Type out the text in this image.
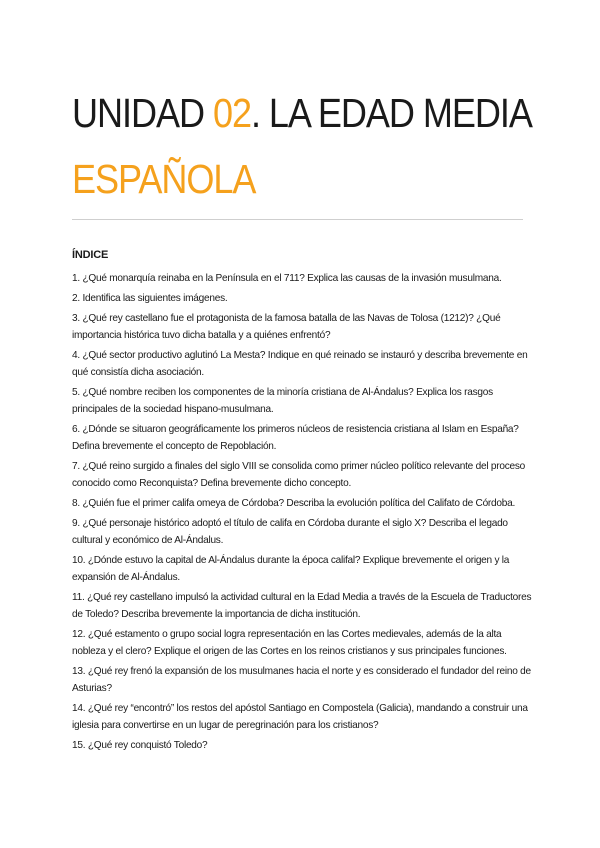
UNIDAD 02. LA EDAD MEDIA
ESPAÑOLA
ÍNDICE
1. ¿Qué monarquía reinaba en la Península en el 711? Explica las causas de la invasión musulmana.
2. Identifica las siguientes imágenes.
3. ¿Qué rey castellano fue el protagonista de la famosa batalla de las Navas de Tolosa (1212)? ¿Qué importancia histórica tuvo dicha batalla y a quiénes enfrentó?
4. ¿Qué sector productivo aglutinó La Mesta? Indique en qué reinado se instauró y describa brevemente en qué consistía dicha asociación.
5. ¿Qué nombre reciben los componentes de la minoría cristiana de Al-Ándalus? Explica los rasgos principales de la sociedad hispano-musulmana.
6. ¿Dónde se situaron geográficamente los primeros núcleos de resistencia cristiana al Islam en España? Defina brevemente el concepto de Repoblación.
7. ¿Qué reino surgido a finales del siglo VIII se consolida como primer núcleo político relevante del proceso conocido como Reconquista? Defina brevemente dicho concepto.
8. ¿Quién fue el primer califa omeya de Córdoba? Describa la evolución política del Califato de Córdoba.
9. ¿Qué personaje histórico adoptó el título de califa en Córdoba durante el siglo X? Describa el legado cultural y económico de Al-Ándalus.
10. ¿Dónde estuvo la capital de Al-Ándalus durante la época califal? Explique brevemente el origen y la expansión de Al-Ándalus.
11. ¿Qué rey castellano impulsó la actividad cultural en la Edad Media a través de la Escuela de Traductores de Toledo? Describa brevemente la importancia de dicha institución.
12. ¿Qué estamento o grupo social logra representación en las Cortes medievales, además de la alta nobleza y el clero? Explique el origen de las Cortes en los reinos cristianos y sus principales funciones.
13. ¿Qué rey frenó la expansión de los musulmanes hacia el norte y es considerado el fundador del reino de Asturias?
14. ¿Qué rey “encontró” los restos del apóstol Santiago en Compostela (Galicia), mandando a construir una iglesia para convertirse en un lugar de peregrinación para los cristianos?
15. ¿Qué rey conquistó Toledo?
